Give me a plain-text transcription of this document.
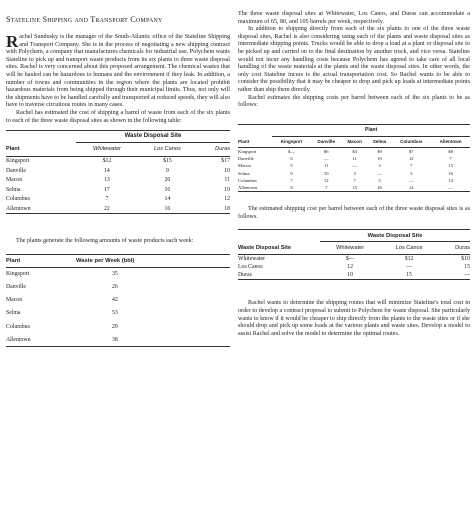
Stateline Shipping and Transport Company

Rachel Sundusky is the manager of the South-Atlantic office of the Stateline Shipping and Transport Company. She is in the process of negotiating a new shipping contract with Polychem, a company that manufactures chemicals for industrial use. Polychem wants Stateline to pick up and transport waste products from its six plants to three waste disposal sites. Rachel is very concerned about this proposed arrangement. The chemical wastes that will be hauled can be hazardous to humans and the environment if they leak. In addition, a number of towns and communities in the region where the plants are located prohibit hazardous materials from being shipped through their municipal limits. Thus, not only will the shipments have to be handled carefully and transported at reduced speeds, they will also have to traverse circuitous routes in many cases.

Rachel has estimated the cost of shipping a barrel of waste from each of the six plants to each of the three waste disposal sites as shown in the following table:

	Waste Disposal Site		
Plant	Whitewater	Los Canos	Duras
Kingsport	$12	$15	$17
Danville	14	9	10
Macon	13	20	11
Selma	17	16	19
Columbus	7	14	12
Allentown	22	16	18

The plants generate the following amounts of waste products each week:

Plant	Waste per Week (bbl)
Kingsport	35
Danville	26
Macon	42
Selma	53
Columbus	29
Allentown	38

The three waste disposal sites at Whitewater, Los Canos, and Duras can accommodate a maximum of 65, 80, and 105 barrels per week, respectively.

In addition to shipping directly from each of the six plants to one of the three waste disposal sites, Rachel is also considering using each of the plants and waste disposal sites as intermediate shipping points. Trucks would be able to drop a load at a plant or disposal site to be picked up and carried on to the final destination by another truck, and vice versa. Stateline would not incur any handling costs because Polychem has agreed to take care of all local handling of the waste materials at the plants and the waste disposal sites. In other words, the only cost Stateline incurs is the actual transportation cost. So Rachel wants to be able to consider the possibility that it may be cheaper to drop and pick up loads at intermediate points rather than ship them directly.

Rachel estimates the shipping costs per barrel between each of the six plants to be as follows:

	Plant					
Plant	Kingsport	Danville	Macon	Selma	Columbus	Allentown
Kingsport	$—	$6	$4	$9	$7	$8
Danville	6	—	11	10	12	7
Macon	5	11	—	3	7	15
Selma	9	10	3	—	3	16
Columbus	7	12	7	3	—	14
Allentown	8	7	15	16	14	—

The estimated shipping cost per barrel between each of the three waste disposal sites is as follows.

	Waste Disposal Site		
Waste Disposal Site	Whitewater	Los Canos	Duras
Whitewater	$—	$12	$10
Los Canos	12	—	15
Duras	10	15	—

Rachel wants to determine the shipping routes that will minimize Stateline's total cost in order to develop a contract proposal to submit to Polychem for waste disposal. She particularly wants to know if it would be cheaper to ship directly from the plants to the waste sites or if she should drop and pick up some loads at the various plants and waste sites. Develop a model to assist Rachel and solve the model to determine the optimal routes.
